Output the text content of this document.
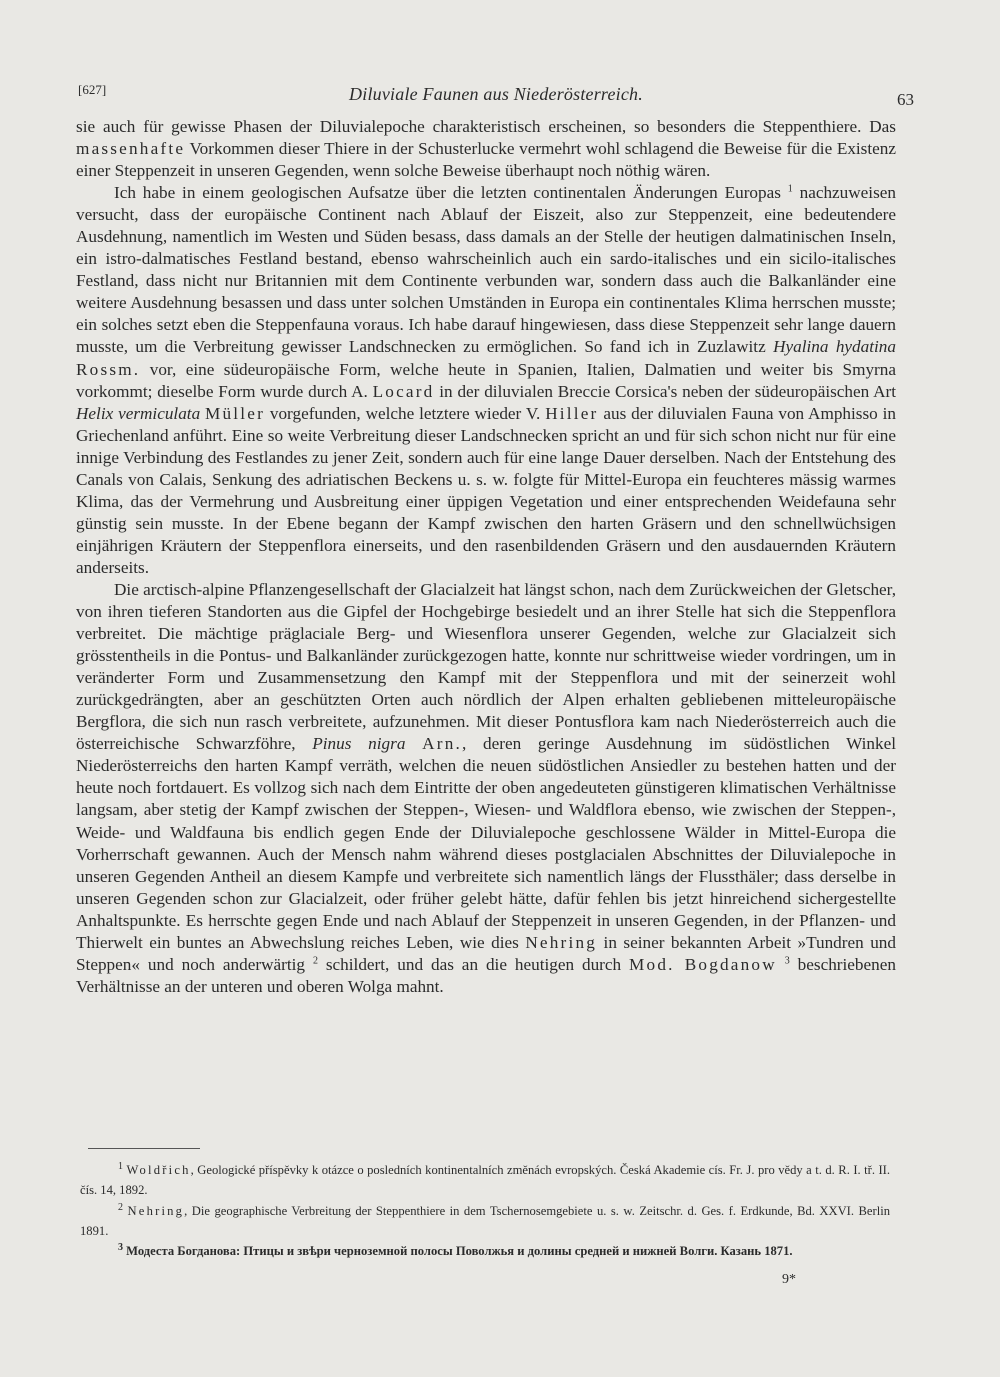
[627]	Diluviale Faunen aus Niederösterreich.	63

sie auch für gewisse Phasen der Diluvialepoche charakteristisch erscheinen, so besonders die Steppenthiere. Das massenhafte Vorkommen dieser Thiere in der Schusterlucke vermehrt wohl schlagend die Beweise für die Existenz einer Steppenzeit in unseren Gegenden, wenn solche Beweise überhaupt noch nöthig wären.

Ich habe in einem geologischen Aufsatze über die letzten continentalen Änderungen Europas $^1$ nachzuweisen versucht, dass der europäische Continent nach Ablauf der Eiszeit, also zur Steppenzeit, eine bedeutendere Ausdehnung, namentlich im Westen und Süden besass, dass damals an der Stelle der heutigen dalmatinischen Inseln, ein istro-dalmatisches Festland bestand, ebenso wahrscheinlich auch ein sardo-italisches und ein sicilo-italisches Festland, dass nicht nur Britannien mit dem Continente verbunden war, sondern dass auch die Balkanländer eine weitere Ausdehnung besassen und dass unter solchen Umständen in Europa ein continentales Klima herrschen musste; ein solches setzt eben die Steppenfauna voraus. Ich habe darauf hingewiesen, dass diese Steppenzeit sehr lange dauern musste, um die Verbreitung gewisser Landschnecken zu ermöglichen. So fand ich in Zuzlawitz Hyalina hydatina Rossm. vor, eine südeuropäische Form, welche heute in Spanien, Italien, Dalmatien und weiter bis Smyrna vorkommt; dieselbe Form wurde durch A. Locard in der diluvialen Breccie Corsica's neben der südeuropäischen Art Helix vermiculata Müller vorgefunden, welche letztere wieder V. Hiller aus der diluvialen Fauna von Amphisso in Griechenland anführt. Eine so weite Verbreitung dieser Landschnecken spricht an und für sich schon nicht nur für eine innige Verbindung des Festlandes zu jener Zeit, sondern auch für eine lange Dauer derselben. Nach der Entstehung des Canals von Calais, Senkung des adriatischen Beckens u. s. w. folgte für Mittel-Europa ein feuchteres mässig warmes Klima, das der Vermehrung und Ausbreitung einer üppigen Vegetation und einer entsprechenden Weidefauna sehr günstig sein musste. In der Ebene begann der Kampf zwischen den harten Gräsern und den schnellwüchsigen einjährigen Kräutern der Steppenflora einerseits, und den rasenbildenden Gräsern und den ausdauernden Kräutern anderseits.

Die arctisch-alpine Pflanzengesellschaft der Glacialzeit hat längst schon, nach dem Zurückweichen der Gletscher, von ihren tieferen Standorten aus die Gipfel der Hochgebirge besiedelt und an ihrer Stelle hat sich die Steppenflora verbreitet. Die mächtige präglaciale Berg- und Wiesenflora unserer Gegenden, welche zur Glacialzeit sich grösstentheils in die Pontus- und Balkanländer zurückgezogen hatte, konnte nur schrittweise wieder vordringen, um in veränderter Form und Zusammensetzung den Kampf mit der Steppenflora und mit der seinerzeit wohl zurückgedrängten, aber an geschützten Orten auch nördlich der Alpen erhalten gebliebenen mitteleuropäische Bergflora, die sich nun rasch verbreitete, aufzunehmen. Mit dieser Pontusflora kam nach Niederösterreich auch die österreichische Schwarzföhre, Pinus nigra Arn., deren geringe Ausdehnung im südöstlichen Winkel Niederösterreichs den harten Kampf verräth, welchen die neuen südöstlichen Ansiedler zu bestehen hatten und der heute noch fortdauert. Es vollzog sich nach dem Eintritte der oben angedeuteten günstigeren klimatischen Verhältnisse langsam, aber stetig der Kampf zwischen der Steppen-, Wiesen- und Waldflora ebenso, wie zwischen der Steppen-, Weide- und Waldfauna bis endlich gegen Ende der Diluvialepoche geschlossene Wälder in Mittel-Europa die Vorherrschaft gewannen. Auch der Mensch nahm während dieses postglacialen Abschnittes der Diluvialepoche in unseren Gegenden Antheil an diesem Kampfe und verbreitete sich namentlich längs der Flussthäler; dass derselbe in unseren Gegenden schon zur Glacialzeit, oder früher gelebt hätte, dafür fehlen bis jetzt hinreichend sichergestellte Anhaltspunkte. Es herrschte gegen Ende und nach Ablauf der Steppenzeit in unseren Gegenden, in der Pflanzen- und Thierwelt ein buntes an Abwechslung reiches Leben, wie dies Nehring in seiner bekannten Arbeit »Tundren und Steppen« und noch anderwärtig $^2$ schildert, und das an die heutigen durch Mod. Bogdanow $^3$ beschriebenen Verhältnisse an der unteren und oberen Wolga mahnt.

$^1$ Woldřich, Geologické příspěvky k otázce o posledních kontinentalních změnách evropských. Česká Akademie cís. Fr. J. pro vědy a t. d. R. I. tř. II. čís. 14, 1892.

$^2$ Nehring, Die geographische Verbreitung der Steppenthiere in dem Tschernosemgebiete u. s. w. Zeitschr. d. Ges. f. Erdkunde, Bd. XXVI. Berlin 1891.

$^3$ Модеста Богданова: Птицы и звѣри черноземной полосы Поволжья и долины средней и нижней Волги. Казань 1871.

9*
